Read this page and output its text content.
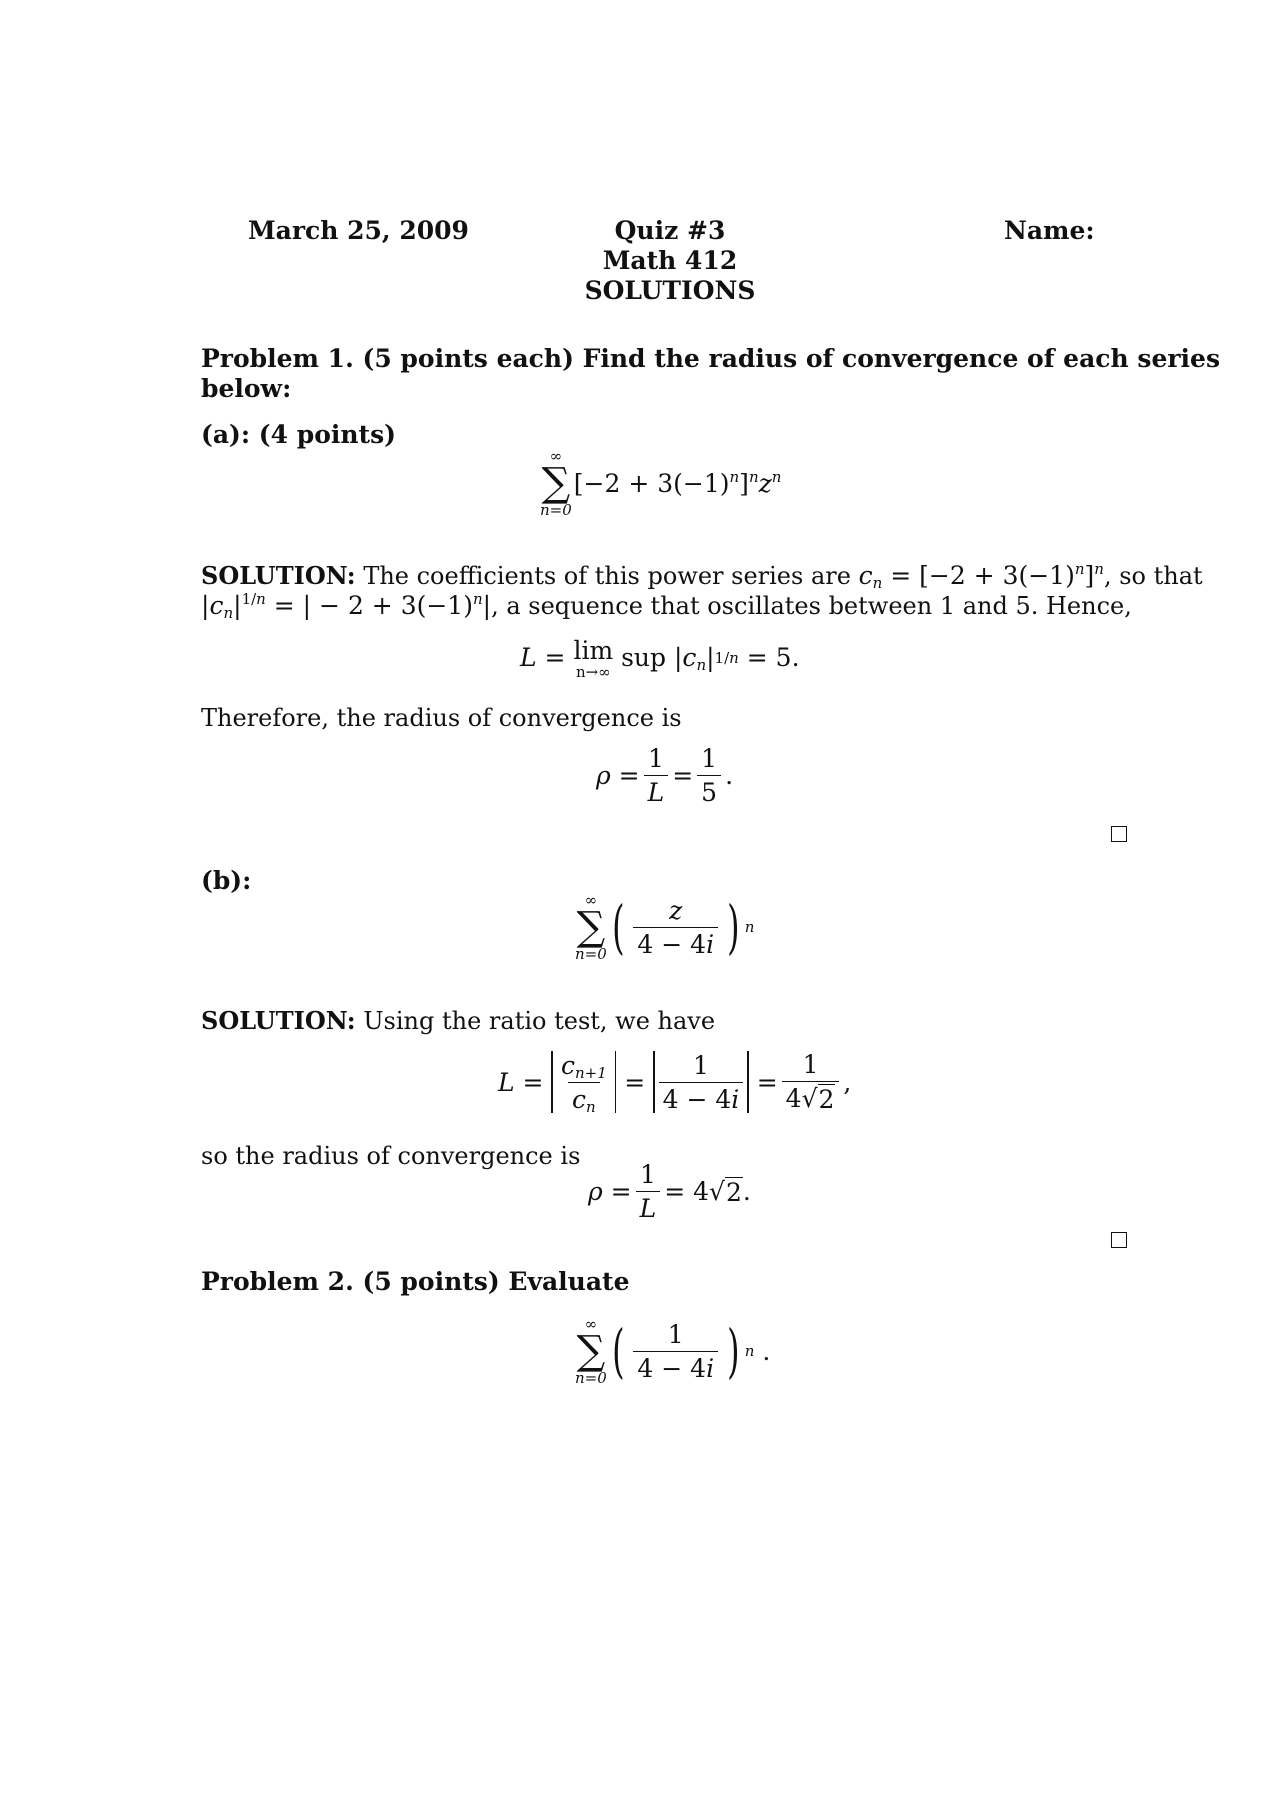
March 25, 2009	Quiz #3
Math 412
SOLUTIONS
Name:
Problem 1. (5 points each) Find the radius of convergence of each series
below:
(a): (4 points)
∞
∑
n=0
$[-2 + 3(-1)^n]^nz^n$
SOLUTION: The coefficients of this power series are $c_n = [-2 + 3(-1)^n]^n$, so that
$|c_n|^{1/n}$ = | − $2 + 3(-1)^n|$, a sequence that oscillates between 1 and 5. Hence,
L = lim
n→∞ sup | $c_n$ | 1/n = 5.
Therefore, the radius of convergence is
$\rho = \frac{1}{L} = \frac{1}{5}$ .
(b):
∞
∑
n=0 ( $\frac{z}{4 - 4i}$ ) n
SOLUTION: Using the ratio test, we have
$L = \frac{c_{n+1}}{c_n} = \frac{1}{4 - 4i} = \frac{1}{4√ 2}$ ,
so the radius of convergence is
$\rho = \frac{1}{L} = 4$ √ 2 .
Problem 2. (5 points) Evaluate
∞
∑
n=0 ( $\frac{1}{4 - 4i}$ ) n .
